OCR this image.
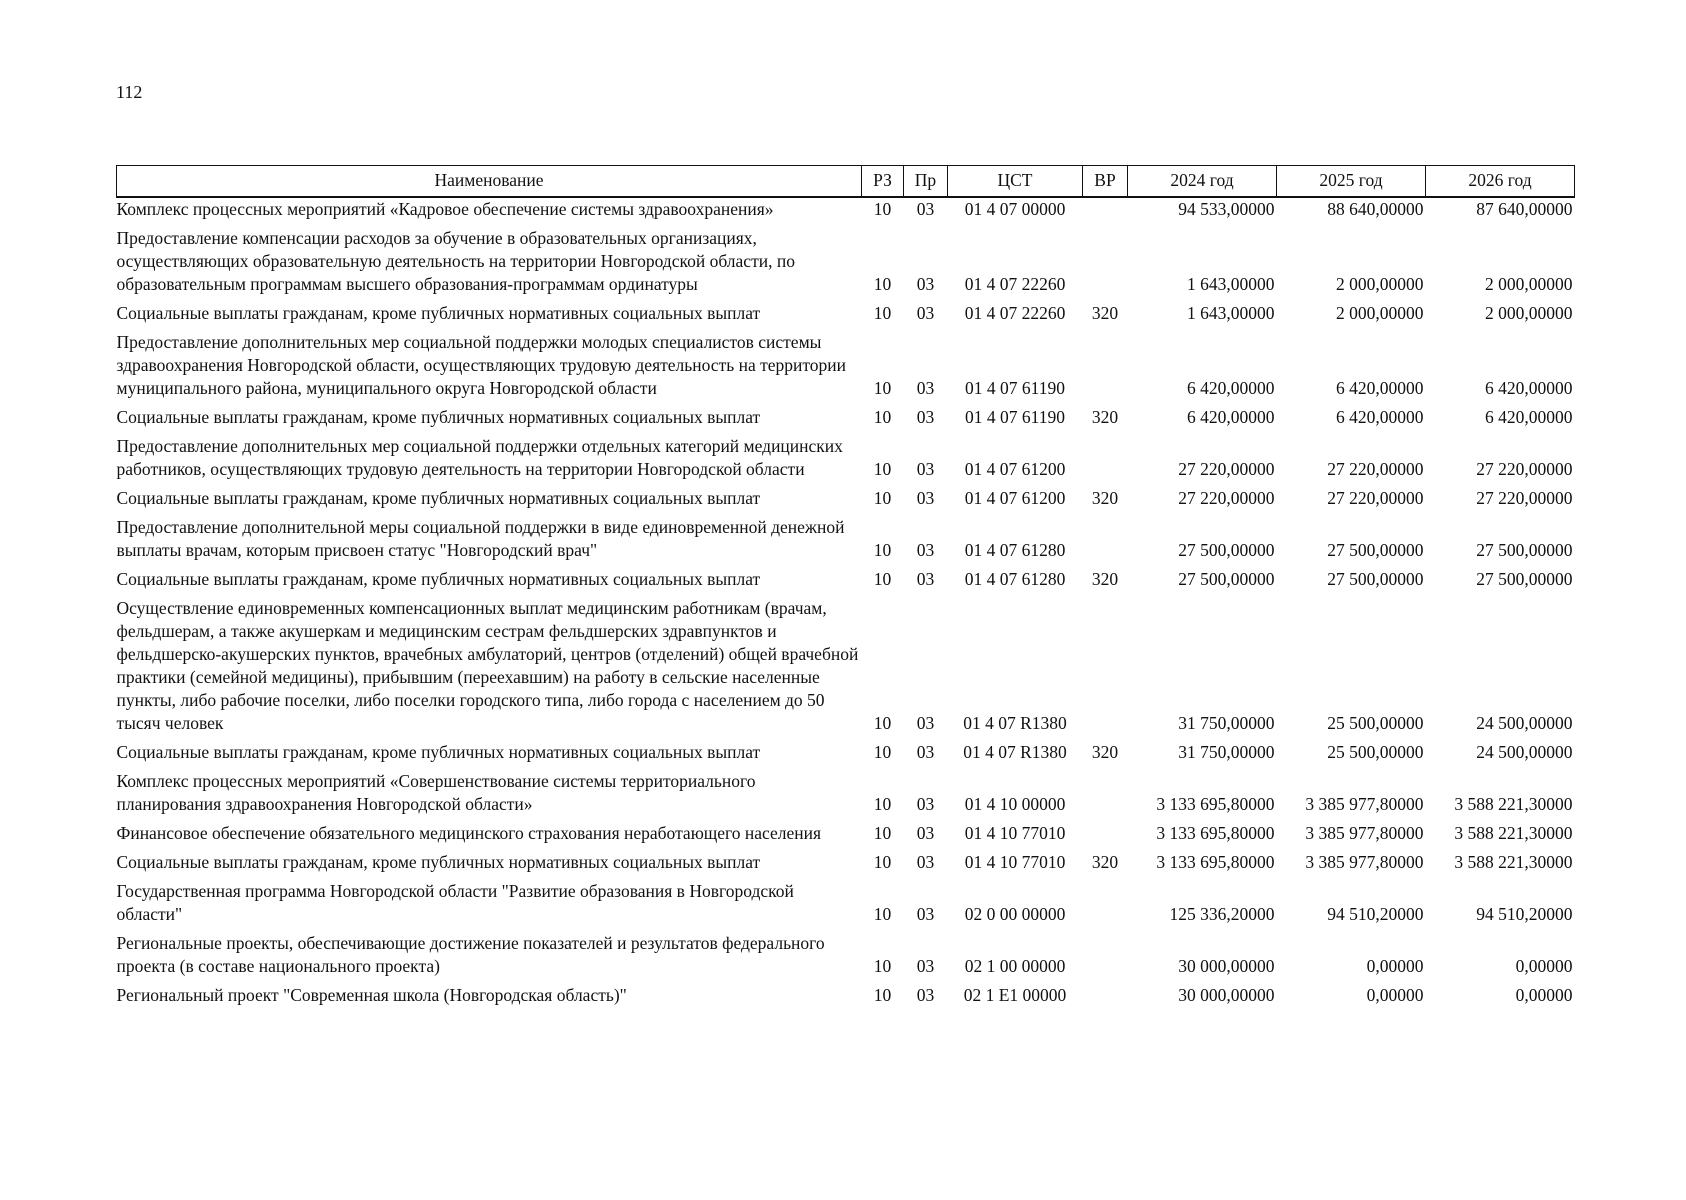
112
Наименование	РЗ	Пр	ЦСТ	ВР	2024 год	2025 год	2026 год
Комплекс процессных мероприятий «Кадровое обеспечение системы здравоохранения»	10	03	01 4 07 00000		94 533,00000	88 640,00000	87 640,00000
Предоставление компенсации расходов за обучение в образовательных организациях, осуществляющих образовательную деятельность на территории Новгородской области, по образовательным программам высшего образования-программам ординатуры	10	03	01 4 07 22260		1 643,00000	2 000,00000	2 000,00000
Социальные выплаты гражданам, кроме публичных нормативных социальных выплат	10	03	01 4 07 22260	320	1 643,00000	2 000,00000	2 000,00000
Предоставление дополнительных мер социальной поддержки молодых специалистов системы здравоохранения Новгородской области, осуществляющих трудовую деятельность на территории муниципального района, муниципального округа Новгородской области	10	03	01 4 07 61190		6 420,00000	6 420,00000	6 420,00000
Социальные выплаты гражданам, кроме публичных нормативных социальных выплат	10	03	01 4 07 61190	320	6 420,00000	6 420,00000	6 420,00000
Предоставление дополнительных мер социальной поддержки отдельных категорий медицинских работников, осуществляющих трудовую деятельность на территории Новгородской области	10	03	01 4 07 61200		27 220,00000	27 220,00000	27 220,00000
Социальные выплаты гражданам, кроме публичных нормативных социальных выплат	10	03	01 4 07 61200	320	27 220,00000	27 220,00000	27 220,00000
Предоставление дополнительной меры социальной поддержки в виде единовременной денежной выплаты врачам, которым присвоен статус "Новгородский врач"	10	03	01 4 07 61280		27 500,00000	27 500,00000	27 500,00000
Социальные выплаты гражданам, кроме публичных нормативных социальных выплат	10	03	01 4 07 61280	320	27 500,00000	27 500,00000	27 500,00000
Осуществление единовременных компенсационных выплат медицинским работникам (врачам, фельдшерам, а также акушеркам и медицинским сестрам фельдшерских здравпунктов и фельдшерско-акушерских пунктов, врачебных амбулаторий, центров (отделений) общей врачебной практики (семейной медицины), прибывшим (переехавшим) на работу в сельские населенные пункты, либо рабочие поселки, либо поселки городского типа, либо города с населением до 50 тысяч человек	10	03	01 4 07 R1380		31 750,00000	25 500,00000	24 500,00000
Социальные выплаты гражданам, кроме публичных нормативных социальных выплат	10	03	01 4 07 R1380	320	31 750,00000	25 500,00000	24 500,00000
Комплекс процессных мероприятий «Совершенствование системы территориального планирования здравоохранения Новгородской области»	10	03	01 4 10 00000		3 133 695,80000	3 385 977,80000	3 588 221,30000
Финансовое обеспечение обязательного медицинского страхования неработающего населения	10	03	01 4 10 77010		3 133 695,80000	3 385 977,80000	3 588 221,30000
Социальные выплаты гражданам, кроме публичных нормативных социальных выплат	10	03	01 4 10 77010	320	3 133 695,80000	3 385 977,80000	3 588 221,30000
Государственная программа Новгородской области "Развитие образования в Новгородской области"	10	03	02 0 00 00000		125 336,20000	94 510,20000	94 510,20000
Региональные проекты, обеспечивающие достижение показателей и результатов федерального проекта (в составе национального проекта)	10	03	02 1 00 00000		30 000,00000	0,00000	0,00000
Региональный проект "Современная школа (Новгородская область)"	10	03	02 1 E1 00000		30 000,00000	0,00000	0,00000
